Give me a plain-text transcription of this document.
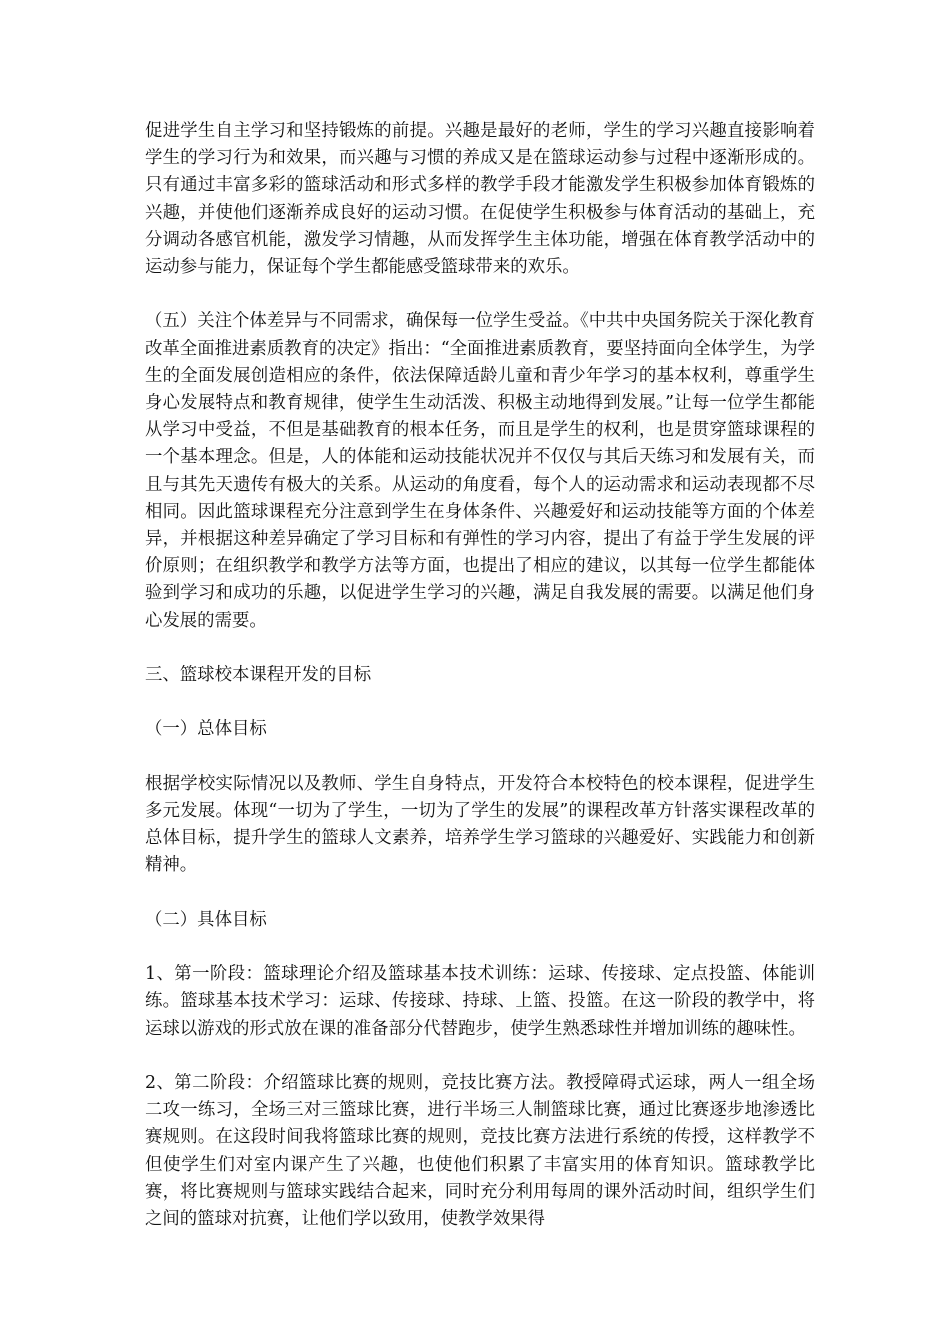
促进学生自主学习和坚持锻炼的前提。兴趣是最好的老师，学生的学习兴趣直接影响着学生的学习行为和效果，而兴趣与习惯的养成又是在篮球运动参与过程中逐渐形成的。只有通过丰富多彩的篮球活动和形式多样的教学手段才能激发学生积极参加体育锻炼的兴趣，并使他们逐渐养成良好的运动习惯。在促使学生积极参与体育活动的基础上，充分调动各感官机能，激发学习情趣，从而发挥学生主体功能，增强在体育教学活动中的运动参与能力，保证每个学生都能感受篮球带来的欢乐。

（五）关注个体差异与不同需求，确保每一位学生受益。《中共中央国务院关于深化教育改革全面推进素质教育的决定》指出：“全面推进素质教育，要坚持面向全体学生，为学生的全面发展创造相应的条件，依法保障适龄儿童和青少年学习的基本权利，尊重学生身心发展特点和教育规律，使学生生动活泼、积极主动地得到发展。”让每一位学生都能从学习中受益，不但是基础教育的根本任务，而且是学生的权利，也是贯穿篮球课程的一个基本理念。但是，人的体能和运动技能状况并不仅仅与其后天练习和发展有关，而且与其先天遗传有极大的关系。从运动的角度看，每个人的运动需求和运动表现都不尽相同。因此篮球课程充分注意到学生在身体条件、兴趣爱好和运动技能等方面的个体差异，并根据这种差异确定了学习目标和有弹性的学习内容，提出了有益于学生发展的评价原则；在组织教学和教学方法等方面，也提出了相应的建议，以其每一位学生都能体验到学习和成功的乐趣，以促进学生学习的兴趣，满足自我发展的需要。以满足他们身心发展的需要。

三、篮球校本课程开发的目标

（一）总体目标

根据学校实际情况以及教师、学生自身特点，开发符合本校特色的校本课程，促进学生多元发展。体现“一切为了学生，一切为了学生的发展”的课程改革方针落实课程改革的总体目标，提升学生的篮球人文素养，培养学生学习篮球的兴趣爱好、实践能力和创新精神。

（二）具体目标

1、第一阶段：篮球理论介绍及篮球基本技术训练：运球、传接球、定点投篮、体能训练。篮球基本技术学习：运球、传接球、持球、上篮、投篮。在这一阶段的教学中，将运球以游戏的形式放在课的准备部分代替跑步，使学生熟悉球性并增加训练的趣味性。

2、第二阶段：介绍篮球比赛的规则，竞技比赛方法。教授障碍式运球，两人一组全场二攻一练习，全场三对三篮球比赛，进行半场三人制篮球比赛，通过比赛逐步地渗透比赛规则。在这段时间我将篮球比赛的规则，竞技比赛方法进行系统的传授，这样教学不但使学生们对室内课产生了兴趣，也使他们积累了丰富实用的体育知识。篮球教学比赛，将比赛规则与篮球实践结合起来，同时充分利用每周的课外活动时间，组织学生们之间的篮球对抗赛，让他们学以致用，使教学效果得
